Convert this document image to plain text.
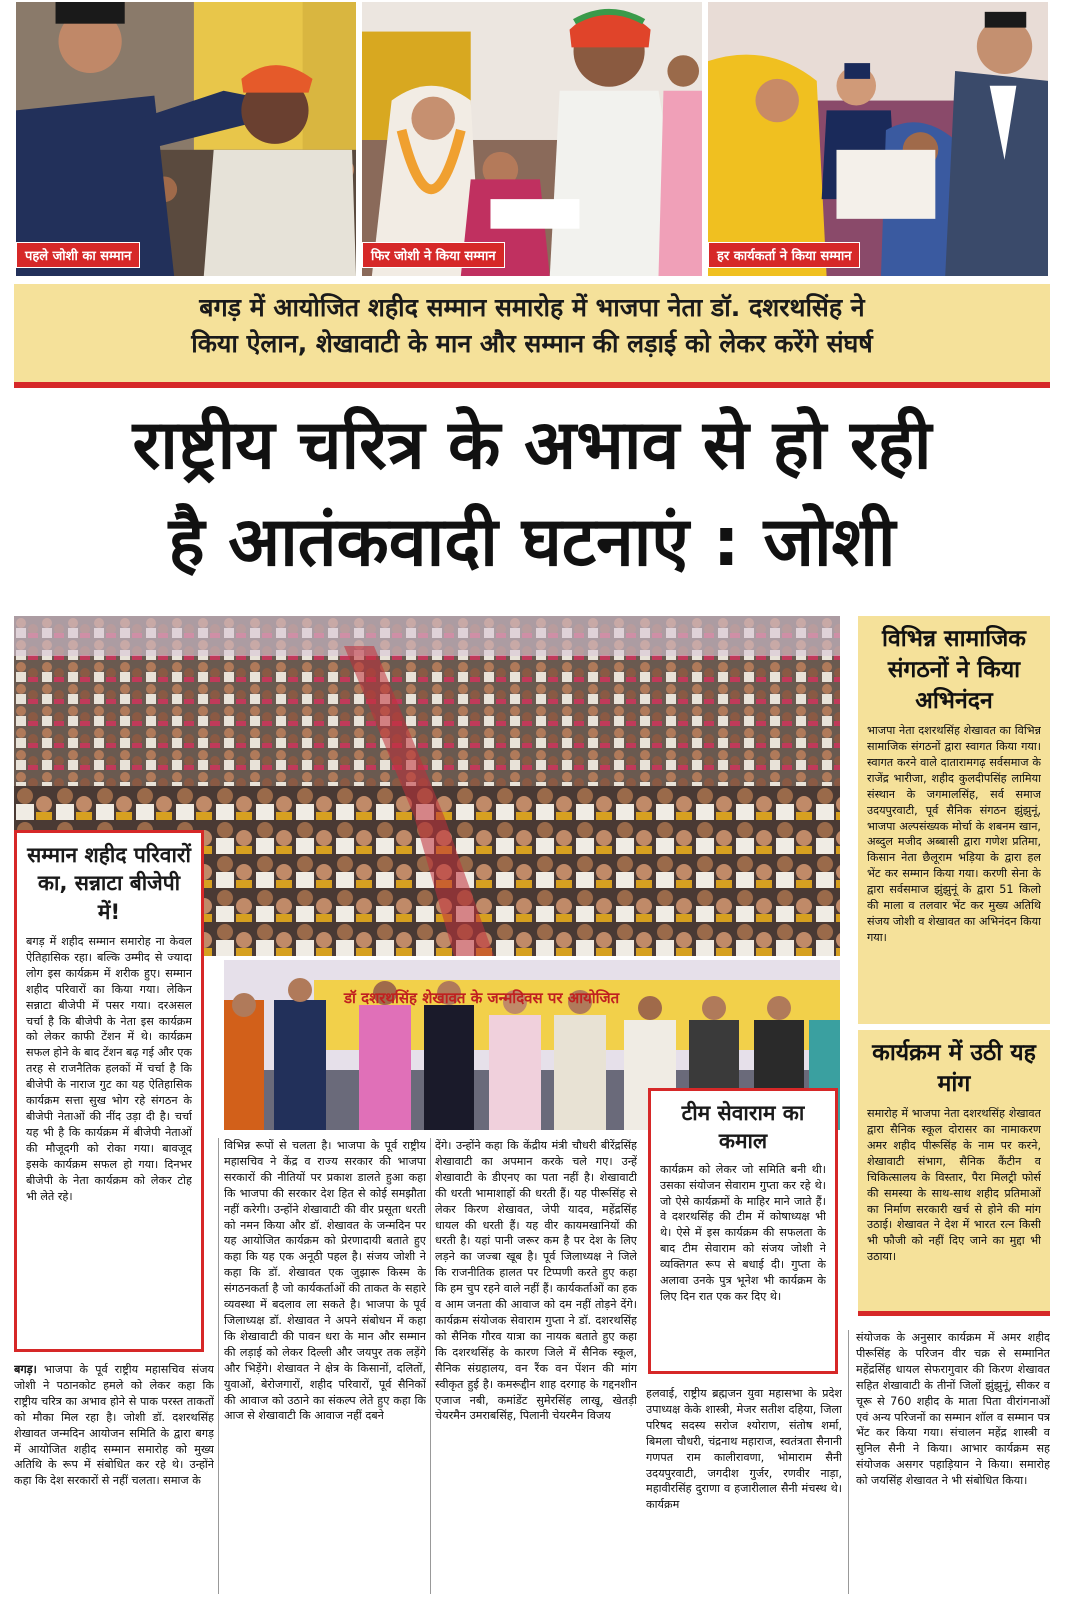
पहले जोशी का सम्मान	फिर जोशी ने किया सम्मान	हर कार्यकर्ता ने किया सम्मान
बगड़ में आयोजित शहीद सम्मान समारोह में भाजपा नेता डॉ. दशरथसिंह ने
किया ऐलान, शेखावाटी के मान और सम्मान की लड़ाई को लेकर करेंगे संघर्ष
राष्ट्रीय चरित्र के अभाव से हो रही
है आतंकवादी घटनाएं : जोशी
सम्मान शहीद परिवारों का, सन्नाटा बीजेपी में!
बगड़ में शहीद सम्मान समारोह ना केवल ऐतिहासिक रहा। बल्कि उम्मीद से ज्यादा लोग इस कार्यक्रम में शरीक हुए। सम्मान शहीद परिवारों का किया गया। लेकिन सन्नाटा बीजेपी में पसर गया। दरअसल चर्चा है कि बीजेपी के नेता इस कार्यक्रम को लेकर काफी टेंशन में थे। कार्यक्रम सफल होने के बाद टेंशन बढ़ गई और एक तरह से राजनैतिक हलकों में चर्चा है कि बीजेपी के नाराज गुट का यह ऐतिहासिक कार्यक्रम सत्ता सुख भोग रहे संगठन के बीजेपी नेताओं की नींद उड़ा दी है। चर्चा यह भी है कि कार्यक्रम में बीजेपी नेताओं की मौजूदगी को रोका गया। बावजूद इसके कार्यक्रम सफल हो गया। दिनभर बीजेपी के नेता कार्यक्रम को लेकर टोह भी लेते रहे।
डॉ दशरथसिंह शेखावत के जन्मदिवस पर आयोजित
बगड़। भाजपा के पूर्व राष्ट्रीय महासचिव संजय जोशी ने पठानकोट हमले को लेकर कहा कि राष्ट्रीय चरित्र का अभाव होने से पाक परस्त ताकतों को मौका मिल रहा है। जोशी डॉ. दशरथसिंह शेखावत जन्मदिन आयोजन समिति के द्वारा बगड़ में आयोजित शहीद सम्मान समारोह को मुख्य अतिथि के रूप में संबोधित कर रहे थे। उन्होंने कहा कि देश सरकारों से नहीं चलता। समाज के
विभिन्न रूपों से चलता है। भाजपा के पूर्व राष्ट्रीय महासचिव ने केंद्र व राज्य सरकार की भाजपा सरकारों की नीतियों पर प्रकाश डालते हुआ कहा कि भाजपा की सरकार देश हित से कोई समझौता नहीं करेगी। उन्होंने शेखावाटी की वीर प्रसूता धरती को नमन किया और डॉ. शेखावत के जन्मदिन पर यह आयोजित कार्यक्रम को प्रेरणादायी बताते हुए कहा कि यह एक अनूठी पहल है। संजय जोशी ने कहा कि डॉ. शेखावत एक जुझारू किस्म के संगठनकर्ता है जो कार्यकर्ताओं की ताकत के सहारे व्यवस्था में बदलाव ला सकते है। भाजपा के पूर्व जिलाध्यक्ष डॉ. शेखावत ने अपने संबोधन में कहा कि शेखावाटी की पावन धरा के मान और सम्मान की लड़ाई को लेकर दिल्ली और जयपुर तक लड़ेंगे और भिड़ेंगे। शेखावत ने क्षेत्र के किसानों, दलितों, युवाओं, बेरोजगारों, शहीद परिवारों, पूर्व सैनिकों की आवाज को उठाने का संकल्प लेते हुए कहा कि आज से शेखावाटी कि आवाज नहीं दबने
देंगे। उन्होंने कहा कि केंद्रीय मंत्री चौधरी बीरेंद्रसिंह शेखावाटी का अपमान करके चले गए। उन्हें शेखावाटी के डीएनए का पता नहीं है। शेखावाटी की धरती भामाशाहों की धरती हैं। यह पीरूसिंह से लेकर किरण शेखावत, जेपी यादव, महेंद्रसिंह धायल की धरती हैं। यह वीर कायमखानियों की धरती है। यहां पानी जरूर कम है पर देश के लिए लड़ने का जज्बा खूब है। पूर्व जिलाध्यक्ष ने जिले कि राजनीतिक हालत पर टिप्पणी करते हुए कहा कि हम चुप रहने वाले नहीं हैं। कार्यकर्ताओं का हक व आम जनता की आवाज को दम नहीं तोड़ने देंगे। कार्यक्रम संयोजक सेवाराम गुप्ता ने डॉ. दशरथसिंह को सैनिक गौरव यात्रा का नायक बताते हुए कहा कि दशरथसिंह के कारण जिले में सैनिक स्कूल, सैनिक संग्रहालय, वन रैंक वन पेंशन की मांग स्वीकृत हुई है। कमरूद्दीन शाह दरगाह के गद्दनशीन एजाज नबी, कमांडेंट सुमेरसिंह लाखू, खेतड़ी चेयरमैन उमराबसिंह, पिलानी चेयरमैन विजय
टीम सेवाराम का कमाल
कार्यक्रम को लेकर जो समिति बनी थी। उसका संयोजन सेवाराम गुप्ता कर रहे थे। जो ऐसे कार्यक्रमों के माहिर माने जाते हैं। वे दशरथसिंह की टीम में कोषाध्यक्ष भी थे। ऐसे में इस कार्यक्रम की सफलता के बाद टीम सेवाराम को संजय जोशी ने व्यक्तिगत रूप से बधाई दी। गुप्ता के अलावा उनके पुत्र भूनेश भी कार्यक्रम के लिए दिन रात एक कर दिए थे।
हलवाई, राष्ट्रीय ब्रह्मजन युवा महासभा के प्रदेश उपाध्यक्ष केके शास्त्री, मेजर सतीश दहिया, जिला परिषद सदस्य सरोज श्योराण, संतोष शर्मा, बिमला चौधरी, चंद्रनाथ महाराज, स्वतंत्रता सैनानी गणपत राम कालीरावणा, भोमाराम सैनी उदयपुरवाटी, जगदीश गुर्जर, रणवीर नाड़ा, महावीरसिंह दुराणा व हजारीलाल सैनी मंचस्थ थे। कार्यक्रम
संयोजक के अनुसार कार्यक्रम में अमर शहीद पीरूसिंह के परिजन वीर चक्र से सम्मानित महेंद्रसिंह धायल सेफरागुवार की किरण शेखावत सहित शेखावाटी के तीनों जिलों झुंझुनूं, सीकर व चूरू से 760 शहीद के माता पिता वीरांगनाओं एवं अन्य परिजनों का सम्मान शॉल व सम्मान पत्र भेंट कर किया गया। संचालन महेंद्र शास्त्री व सुनिल सैनी ने किया। आभार कार्यक्रम सह संयोजक असगर पहाड़ियान ने किया। समारोह को जयसिंह शेखावत ने भी संबोधित किया।
विभिन्न सामाजिक संगठनों ने किया अभिनंदन
भाजपा नेता दशरथसिंह शेखावत का विभिन्न सामाजिक संगठनों द्वारा स्वागत किया गया। स्वागत करने वाले दातारामगढ़ सर्वसमाज के राजेंद्र भारीजा, शहीद कुलदीपसिंह लामिया संस्थान के जगमालसिंह, सर्व समाज उदयपुरवाटी, पूर्व सैनिक संगठन झुंझुनूं, भाजपा अल्पसंख्यक मोर्चा के शबनम खान, अब्दुल मजीद अब्बासी द्वारा गणेश प्रतिमा, किसान नेता छैलूराम भड़िया के द्वारा हल भेंट कर सम्मान किया गया। करणी सेना के द्वारा सर्वसमाज झुंझुनूं के द्वारा 51 किलो की माला व तलवार भेंट कर मुख्य अतिथि संजय जोशी व शेखावत का अभिनंदन किया गया।
कार्यक्रम में उठी यह मांग
समारोह में भाजपा नेता दशरथसिंह शेखावत द्वारा सैनिक स्कूल दोरासर का नामाकरण अमर शहीद पीरूसिंह के नाम पर करने, शेखावाटी संभाग, सैनिक कैंटीन व चिकित्सालय के विस्तार, पैरा मिलट्री फोर्स की समस्या के साथ-साथ शहीद प्रतिमाओं का निर्माण सरकारी खर्च से होने की मांग उठाई। शेखावत ने देश में भारत रत्न किसी भी फौजी को नहीं दिए जाने का मुद्दा भी उठाया।
